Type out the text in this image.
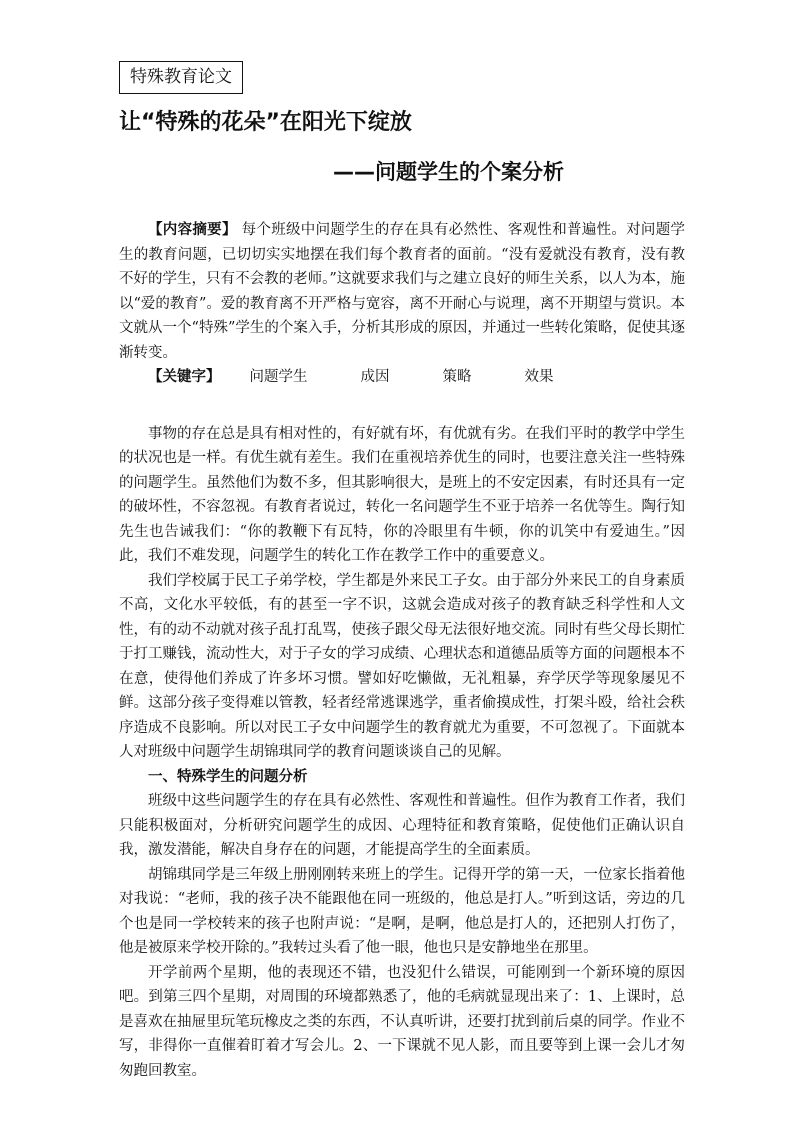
特殊教育论文
让“特殊的花朵”在阳光下绽放
——问题学生的个案分析

【内容摘要】 每个班级中问题学生的存在具有必然性、客观性和普遍性。对问题学生的教育问题，已切切实实地摆在我们每个教育者的面前。“没有爱就没有教育，没有教不好的学生，只有不会教的老师。”这就要求我们与之建立良好的师生关系，以人为本，施以“爱的教育”。爱的教育离不开严格与宽容，离不开耐心与说理，离不开期望与赏识。本文就从一个“特殊”学生的个案入手，分析其形成的原因，并通过一些转化策略，促使其逐渐转变。

【关键字】 问题学生	成因	策略	效果

事物的存在总是具有相对性的，有好就有坏，有优就有劣。在我们平时的教学中学生的状况也是一样。有优生就有差生。我们在重视培养优生的同时，也要注意关注一些特殊的问题学生。虽然他们为数不多，但其影响很大，是班上的不安定因素，有时还具有一定的破坏性，不容忽视。有教育者说过，转化一名问题学生不亚于培养一名优等生。陶行知先生也告诫我们：“你的教鞭下有瓦特，你的冷眼里有牛顿，你的讥笑中有爱迪生。”因此，我们不难发现，问题学生的转化工作在教学工作中的重要意义。

我们学校属于民工子弟学校，学生都是外来民工子女。由于部分外来民工的自身素质不高，文化水平较低，有的甚至一字不识，这就会造成对孩子的教育缺乏科学性和人文性，有的动不动就对孩子乱打乱骂，使孩子跟父母无法很好地交流。同时有些父母长期忙于打工赚钱，流动性大，对于子女的学习成绩、心理状态和道德品质等方面的问题根本不在意，使得他们养成了许多坏习惯。譬如好吃懒做，无礼粗暴，弃学厌学等现象屡见不鲜。这部分孩子变得难以管教，轻者经常逃课逃学，重者偷摸成性，打架斗殴，给社会秩序造成不良影响。所以对民工子女中问题学生的教育就尤为重要，不可忽视了。下面就本人对班级中问题学生胡锦琪同学的教育问题谈谈自己的见解。

一、特殊学生的问题分析

班级中这些问题学生的存在具有必然性、客观性和普遍性。但作为教育工作者，我们只能积极面对，分析研究问题学生的成因、心理特征和教育策略，促使他们正确认识自我，激发潜能，解决自身存在的问题，才能提高学生的全面素质。

胡锦琪同学是三年级上册刚刚转来班上的学生。记得开学的第一天，一位家长指着他对我说：“老师，我的孩子决不能跟他在同一班级的，他总是打人。”听到这话，旁边的几个也是同一学校转来的孩子也附声说：“是啊，是啊，他总是打人的，还把别人打伤了，他是被原来学校开除的。”我转过头看了他一眼，他也只是安静地坐在那里。

开学前两个星期，他的表现还不错，也没犯什么错误，可能刚到一个新环境的原因吧。到第三四个星期，对周围的环境都熟悉了，他的毛病就显现出来了：1、上课时，总是喜欢在抽屉里玩笔玩橡皮之类的东西，不认真听讲，还要打扰到前后桌的同学。作业不写，非得你一直催着盯着才写会儿。2、一下课就不见人影，而且要等到上课一会儿才匆匆跑回教室。
